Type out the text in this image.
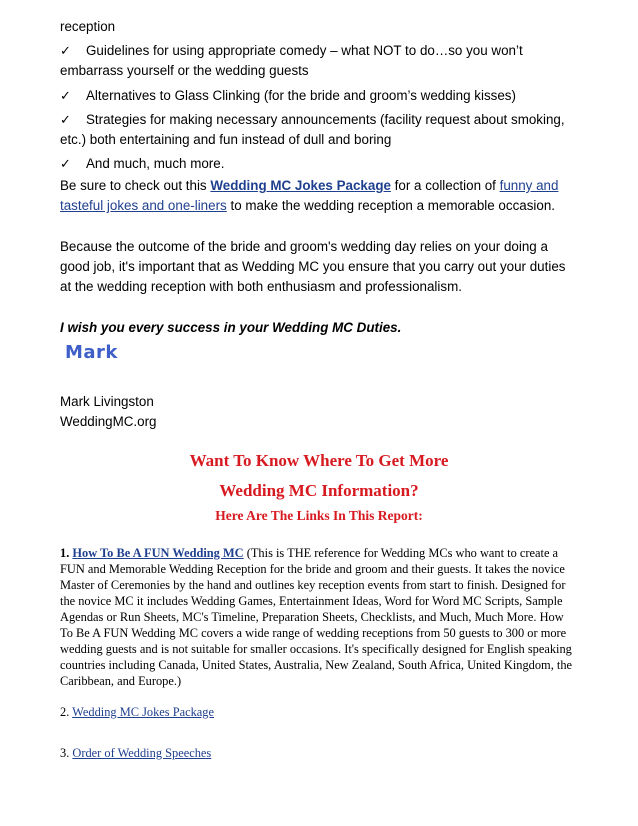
reception
✓ Guidelines for using appropriate comedy – what NOT to do…so you won’t
embarrass yourself or the wedding guests
✓ Alternatives to Glass Clinking (for the bride and groom’s wedding kisses)
✓ Strategies for making necessary announcements (facility request about smoking,
etc.) both entertaining and fun instead of dull and boring
✓ And much, much more.
Be sure to check out this Wedding MC Jokes Package for a collection of funny and
tasteful jokes and one-liners to make the wedding reception a memorable occasion.
Because the outcome of the bride and groom's wedding day relies on your doing a
good job, it's important that as Wedding MC you ensure that you carry out your duties
at the wedding reception with both enthusiasm and professionalism.
I wish you every success in your Wedding MC Duties.
Mark
Mark Livingston
WeddingMC.org
Want To Know Where To Get More
Wedding MC Information?
Here Are The Links In This Report:
1. How To Be A FUN Wedding MC (This is THE reference for Wedding MCs who want to create a
FUN and Memorable Wedding Reception for the bride and groom and their guests. It takes the novice
Master of Ceremonies by the hand and outlines key reception events from start to finish. Designed for
the novice MC it includes Wedding Games, Entertainment Ideas, Word for Word MC Scripts, Sample
Agendas or Run Sheets, MC's Timeline, Preparation Sheets, Checklists, and Much, Much More. How
To Be A FUN Wedding MC covers a wide range of wedding receptions from 50 guests to 300 or more
wedding guests and is not suitable for smaller occasions. It's specifically designed for English speaking
countries including Canada, United States, Australia, New Zealand, South Africa, United Kingdom, the
Caribbean, and Europe.)
2. Wedding MC Jokes Package
3. Order of Wedding Speeches
